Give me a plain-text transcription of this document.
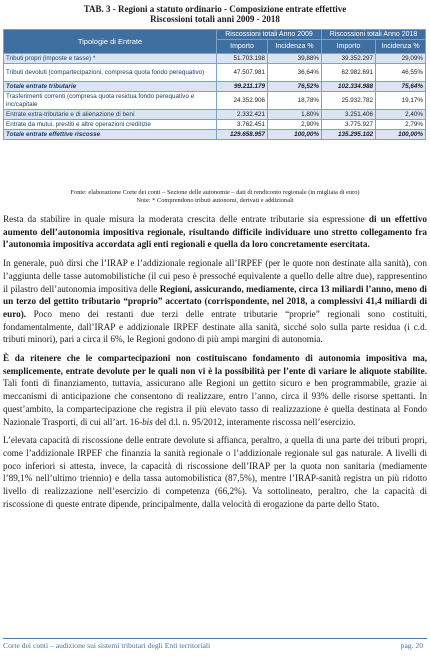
TAB. 3 - Regioni a statuto ordinario - Composizione entrate effettive
Riscossioni totali anni 2009 - 2018
Tipologie di Entrate	Riscossioni totali Anno 2009		Riscossioni totali Anno 2018	
	Importo	Incidenza %	Importo	Incidenza %
Tributi propri (imposte e tasse) *	51.703.198	39,88%	39.352.297	29,09%
Tributi devoluti (compartecipazioni, compresa quota fondo perequativo)	47.507.981	36,64%	62.982.691	46,55%
Totale entrate tributarie	99.211.179	76,52%	102.334.988	75,64%
Trasferimenti correnti (compresa quota residua fondo perequativo e inc/capitale	24.352.906	18,78%	25.932.782	19,17%
Entrate extra-tributarie e di alienazione di beni	2.332.421	1,80%	3.251.406	2,40%
Entrate da mutui, prestiti e altre operazioni creditizie	3.762.451	2,90%	3.775.927	2,79%
Totale entrate effettive riscosse	129.658.957	100,00%	135.295.102	100,00%
Fonte: elaborazione Corte dei conti – Sezione delle autonomie – dati di rendiconto regionale (in migliaia di euro)
Note: * Comprendono tributi autonomi, derivati e addizionali

Resta da stabilire in quale misura la moderata crescita delle entrate tributarie sia espressione di un effettivo aumento dell’autonomia impositiva regionale, risultando difficile individuare uno stretto collegamento fra l’autonomia impositiva accordata agli enti regionali e quella da loro concretamente esercitata.

In generale, può dirsi che l’IRAP e l’addizionale regionale all’IRPEF (per le quote non destinate alla sanità), con l’aggiunta delle tasse automobilistiche (il cui peso è pressoché equivalente a quello delle altre due), rappresentino il pilastro dell’autonomia impositiva delle Regioni, assicurando, mediamente, circa 13 miliardi l’anno, meno di un terzo del gettito tributario “proprio” accertato (corrispondente, nel 2018, a complessivi 41,4 miliardi di euro). Poco meno dei restanti due terzi delle entrate tributarie “proprie” regionali sono costituiti, fondamentalmente, dall’IRAP e addizionale IRPEF destinate alla sanità, sicché solo sulla parte residua (i c.d. tributi minori), pari a circa il 6%, le Regioni godono di più ampi margini di autonomia.

È da ritenere che le compartecipazioni non costituiscano fondamento di autonomia impositiva ma, semplicemente, entrate devolute per le quali non vi è la possibilità per l’ente di variare le aliquote stabilite. Tali fonti di finanziamento, tuttavia, assicurano alle Regioni un gettito sicuro e ben programmabile, grazie ai meccanismi di anticipazione che consentono di realizzare, entro l’anno, circa il 93% delle risorse spettanti. In quest’ambito, la compartecipazione che registra il più elevato tasso di realizzazione è quella destinata al Fondo Nazionale Trasporti, di cui all’art. 16-bis del d.l. n. 95/2012, interamente riscossa nell’esercizio.

L’elevata capacità di riscossione delle entrate devolute si affianca, peraltro, a quella di una parte dei tributi propri, come l’addizionale IRPEF che finanzia la sanità regionale o l’addizionale regionale sul gas naturale. A livelli di poco inferiori si attesta, invece, la capacità di riscossione dell’IRAP per la quota non sanitaria (mediamente l’89,1% nell’ultimo triennio) e della tassa automobilistica (87,5%), mentre l’IRAP-sanità registra un più ridotto livello di realizzazione nell’esercizio di competenza (66,2%). Va sottolineato, peraltro, che la capacità di riscossione di queste entrate dipende, principalmente, dalla velocità di erogazione da parte dello Stato.

Corte dei conti – audizione sui sistemi tributari degli Enti territoriali	pag. 20
